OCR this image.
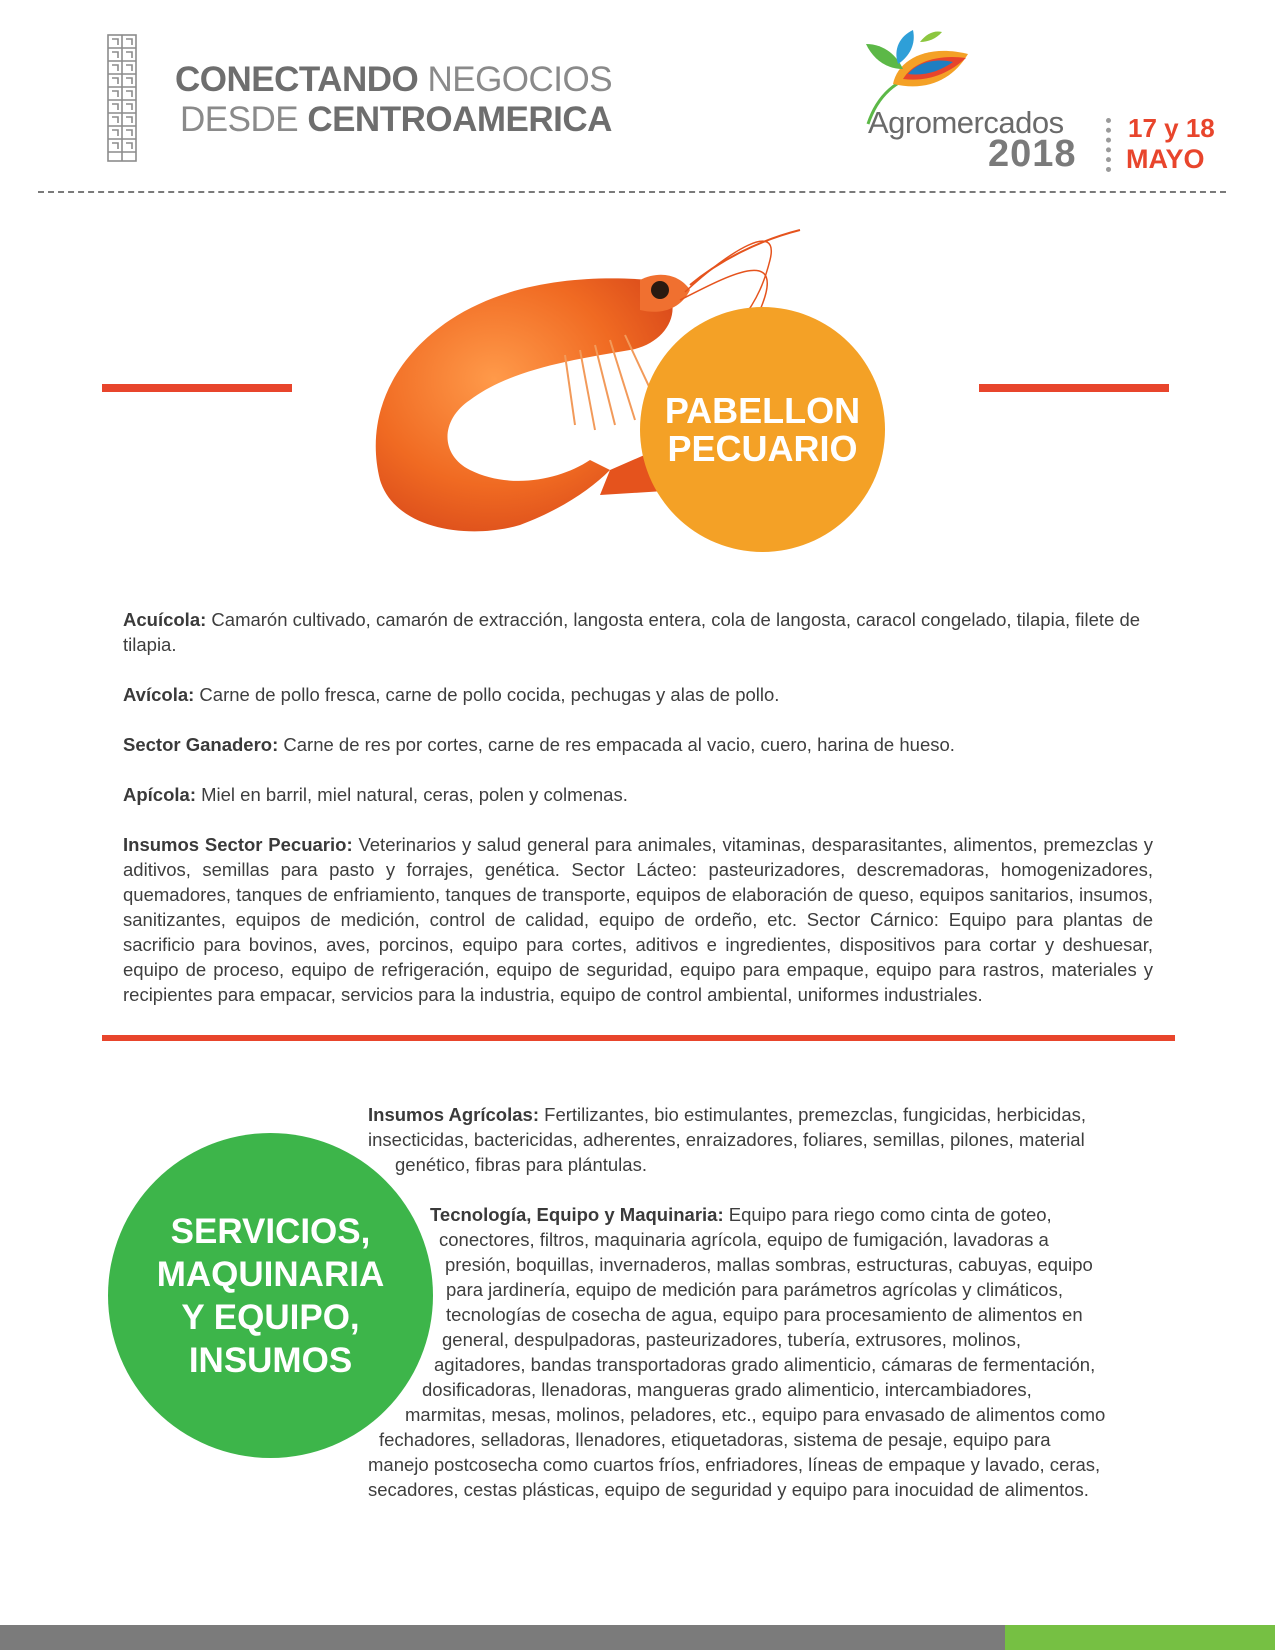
CONECTANDO NEGOCIOS
DESDE CENTROAMERICA	Agromercados
2018
17 y 18
MAYO
PABELLON
PECUARIO
Acuícola: Camarón cultivado, camarón de extracción, langosta entera, cola de langosta, caracol congelado, tilapia, filete de tilapia.
Avícola: Carne de pollo fresca, carne de pollo cocida, pechugas y alas de pollo.
Sector Ganadero: Carne de res por cortes, carne de res empacada al vacio, cuero, harina de hueso.
Apícola: Miel en barril, miel natural, ceras, polen y colmenas.
Insumos Sector Pecuario: Veterinarios y salud general para animales, vitaminas, desparasitantes, alimentos, premezclas y aditivos, semillas para pasto y forrajes, genética. Sector Lácteo: pasteurizadores, descremadoras, homogenizadores, quemadores, tanques de enfriamiento, tanques de transporte, equipos de elaboración de queso, equipos sanitarios, insumos, sanitizantes, equipos de medición, control de calidad, equipo de ordeño, etc. Sector Cárnico: Equipo para plantas de sacrificio para bovinos, aves, porcinos, equipo para cortes, aditivos e ingredientes, dispositivos para cortar y deshuesar, equipo de proceso, equipo de refrigeración, equipo de seguridad, equipo para empaque, equipo para rastros, materiales y recipientes para empacar, servicios para la industria, equipo de control ambiental, uniformes industriales.
SERVICIOS,
MAQUINARIA
Y EQUIPO,
INSUMOS
Insumos Agrícolas: Fertilizantes, bio estimulantes, premezclas, fungicidas, herbicidas,
insecticidas, bactericidas, adherentes, enraizadores, foliares, semillas, pilones, material
genético, fibras para plántulas.
Tecnología, Equipo y Maquinaria: Equipo para riego como cinta de goteo,
conectores, filtros, maquinaria agrícola, equipo de fumigación, lavadoras a
presión, boquillas, invernaderos, mallas sombras, estructuras, cabuyas, equipo
para jardinería, equipo de medición para parámetros agrícolas y climáticos,
tecnologías de cosecha de agua, equipo para procesamiento de alimentos en
general, despulpadoras, pasteurizadores, tubería, extrusores, molinos,
agitadores, bandas transportadoras grado alimenticio, cámaras de fermentación,
dosificadoras, llenadoras, mangueras grado alimenticio, intercambiadores,
marmitas, mesas, molinos, peladores, etc., equipo para envasado de alimentos como
fechadores, selladoras, llenadores, etiquetadoras, sistema de pesaje, equipo para
manejo postcosecha como cuartos fríos, enfriadores, líneas de empaque y lavado, ceras,
secadores, cestas plásticas, equipo de seguridad y equipo para inocuidad de alimentos.
